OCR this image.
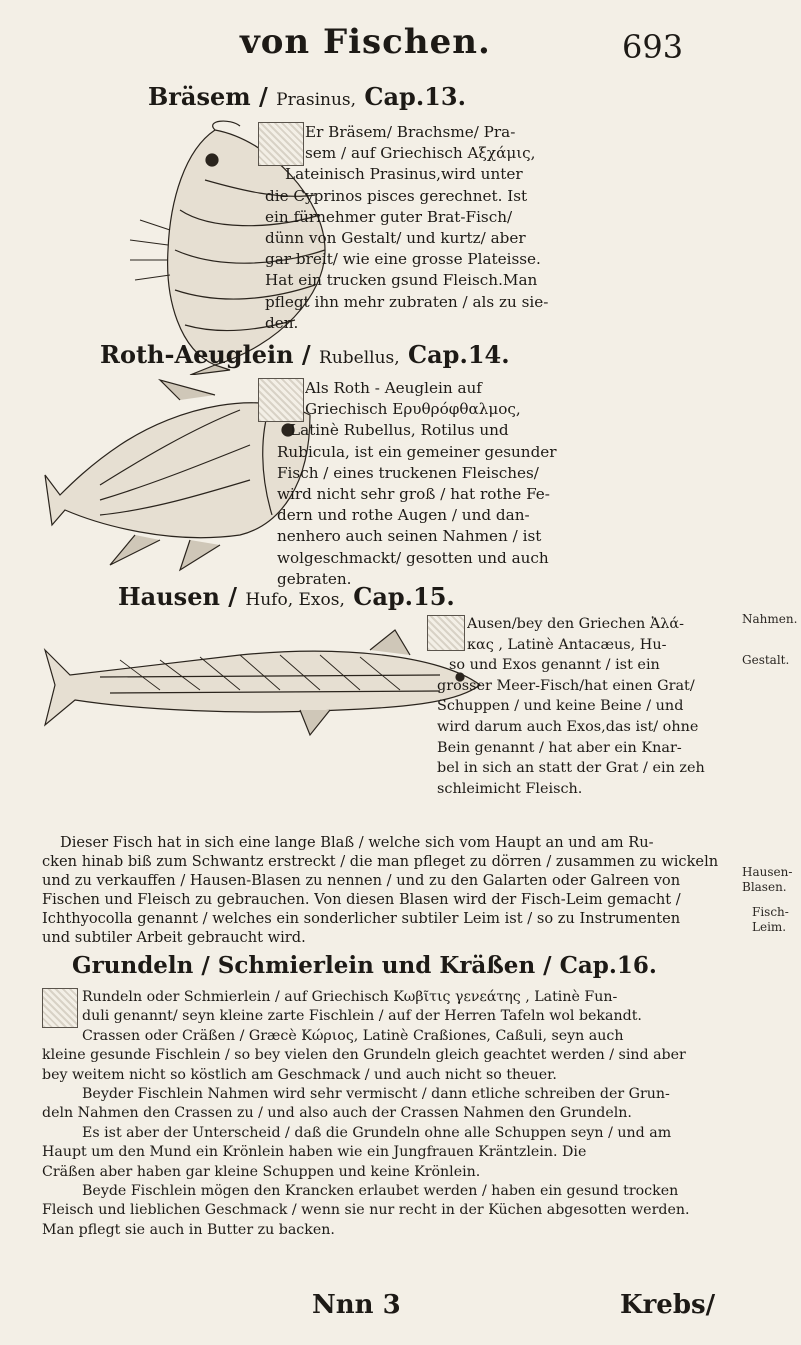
von Fischen.	693
Bräsem / Prasinus, Cap.13.
Er Bräsem/ Brachsme/ Pra-
sem / auf Griechisch Αξχάμις,
Lateinisch Prasinus,wird unter
die Cyprinos pisces gerechnet. Ist
ein fürnehmer guter Brat-Fisch/
dünn von Gestalt/ und kurtz/ aber
gar breit/ wie eine grosse Plateisse.
Hat ein trucken gsund Fleisch.Man
pflegt ihn mehr zubraten / als zu sie-
den.
Roth-Aeuglein / Rubellus, Cap.14.
Als Roth - Aeuglein auf
Griechisch Ερυθρόφθαλμος,
Latinè Rubellus, Rotilus und
Rubicula, ist ein gemeiner gesunder
Fisch / eines truckenen Fleisches/
wird nicht sehr groß / hat rothe Fe-
dern und rothe Augen / und dan-
nenhero auch seinen Nahmen / ist
wolgeschmackt/ gesotten und auch
gebraten.
Hausen / Hufo, Exos, Cap.15.
Ausen/bey den Griechen Ἀλά-
κας , Latinè Antacæus, Hu-
so und Exos genannt / ist ein
grosser Meer-Fisch/hat einen Grat/
Schuppen / und keine Beine / und
wird darum auch Exos,das ist/ ohne
Bein genannt / hat aber ein Knar-
bel in sich an statt der Grat / ein zeh
schleimicht Fleisch.
Nahmen.
Gestalt.
Hausen-
Blasen.
Fisch-
Leim.
Dieser Fisch hat in sich eine lange Blaß / welche sich vom Haupt an und am Ru-
cken hinab biß zum Schwantz erstreckt / die man pfleget zu dörren / zusammen zu wickeln
und zu verkauffen / Hausen-Blasen zu nennen / und zu den Galarten oder Galreen von
Fischen und Fleisch zu gebrauchen. Von diesen Blasen wird der Fisch-Leim gemacht /
Ichthyocolla genannt / welches ein sonderlicher subtiler Leim ist / so zu Instrumenten
und subtiler Arbeit gebraucht wird.
Grundeln / Schmierlein und Kräßen / Cap.16.
Rundeln oder Schmierlein / auf Griechisch Κωβῖτις γενεάτης , Latinè Fun-
duli genannt/ seyn kleine zarte Fischlein / auf der Herren Tafeln wol bekandt.
Crassen oder Cräßen / Græcè Κώριος, Latinè Craßiones, Caßuli, seyn auch
kleine gesunde Fischlein / so bey vielen den Grundeln gleich geachtet werden / sind aber
bey weitem nicht so köstlich am Geschmack / und auch nicht so theuer.
Beyder Fischlein Nahmen wird sehr vermischt / dann etliche schreiben der Grun-
deln Nahmen den Crassen zu / und also auch der Crassen Nahmen den Grundeln.
Es ist aber der Unterscheid / daß die Grundeln ohne alle Schuppen seyn / und am
Haupt um den Mund ein Krönlein haben wie ein Jungfrauen Kräntzlein. Die
Cräßen aber haben gar kleine Schuppen und keine Krönlein.
Beyde Fischlein mögen den Krancken erlaubet werden / haben ein gesund trocken
Fleisch und lieblichen Geschmack / wenn sie nur recht in der Küchen abgesotten werden.
Man pflegt sie auch in Butter zu backen.
Nnn 3	Krebs/
